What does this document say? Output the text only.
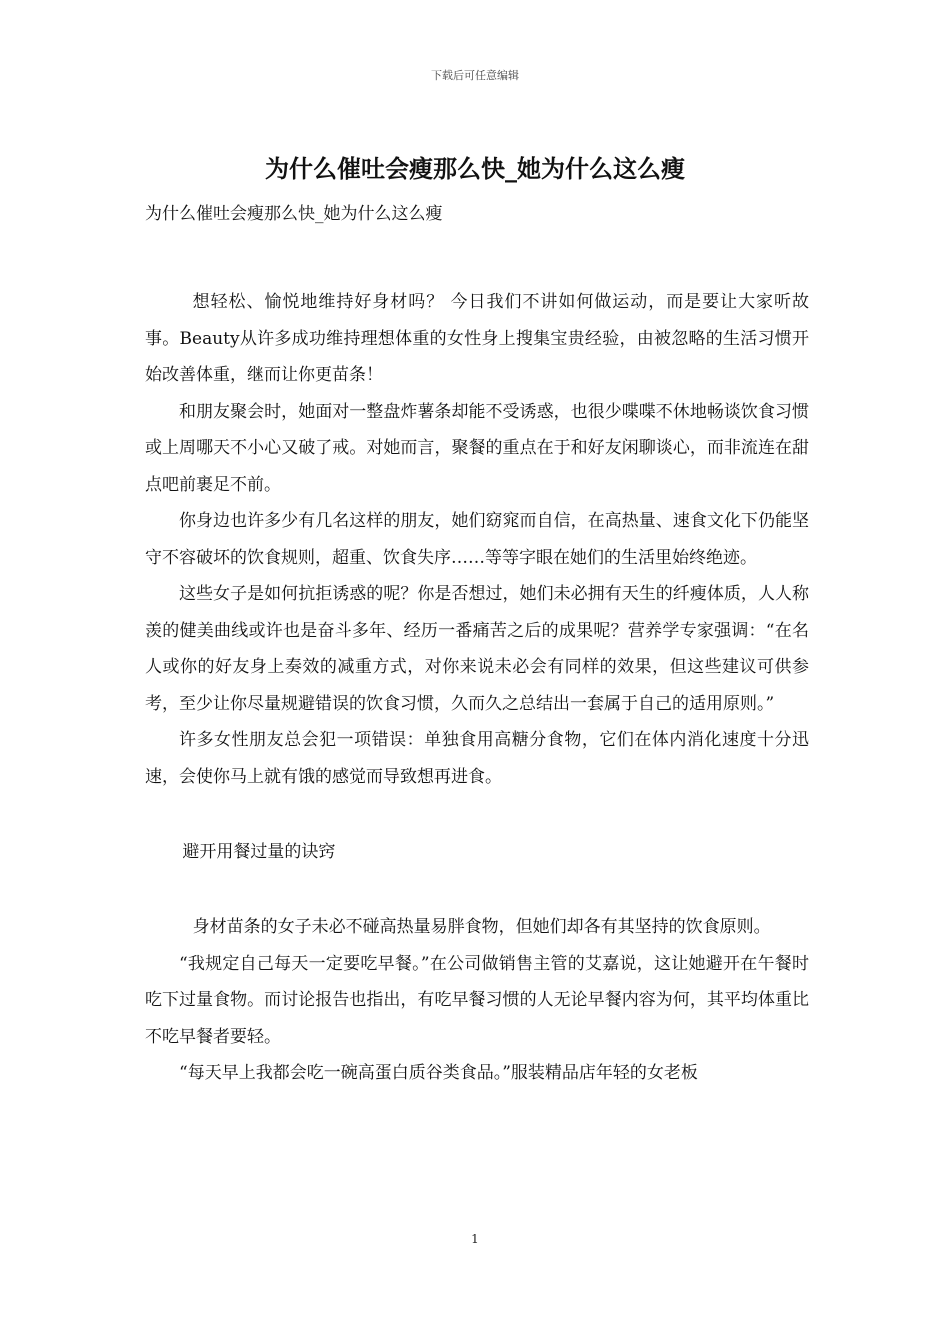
下载后可任意编辑
为什么催吐会瘦那么快_她为什么这么瘦

为什么催吐会瘦那么快_她为什么这么瘦

想轻松、愉悦地维持好身材吗？ 今日我们不讲如何做运动，而是要让大家听故事。Beauty从许多成功维持理想体重的女性身上搜集宝贵经验，由被忽略的生活习惯开始改善体重，继而让你更苗条！

和朋友聚会时，她面对一整盘炸薯条却能不受诱惑，也很少喋喋不休地畅谈饮食习惯或上周哪天不小心又破了戒。对她而言，聚餐的重点在于和好友闲聊谈心，而非流连在甜点吧前裹足不前。

你身边也许多少有几名这样的朋友，她们窈窕而自信，在高热量、速食文化下仍能坚守不容破坏的饮食规则，超重、饮食失序……等等字眼在她们的生活里始终绝迹。

这些女子是如何抗拒诱惑的呢？你是否想过，她们未必拥有天生的纤瘦体质，人人称羡的健美曲线或许也是奋斗多年、经历一番痛苦之后的成果呢？营养学专家强调：“在名人或你的好友身上奏效的减重方式，对你来说未必会有同样的效果，但这些建议可供参考，至少让你尽量规避错误的饮食习惯，久而久之总结出一套属于自己的适用原则。”

许多女性朋友总会犯一项错误：单独食用高糖分食物，它们在体内消化速度十分迅速，会使你马上就有饿的感觉而导致想再进食。

避开用餐过量的诀窍

身材苗条的女子未必不碰高热量易胖食物，但她们却各有其坚持的饮食原则。

“我规定自己每天一定要吃早餐。”在公司做销售主管的艾嘉说，这让她避开在午餐时吃下过量食物。而讨论报告也指出，有吃早餐习惯的人无论早餐内容为何，其平均体重比不吃早餐者要轻。

“每天早上我都会吃一碗高蛋白质谷类食品。”服装精品店年轻的女老板

1
